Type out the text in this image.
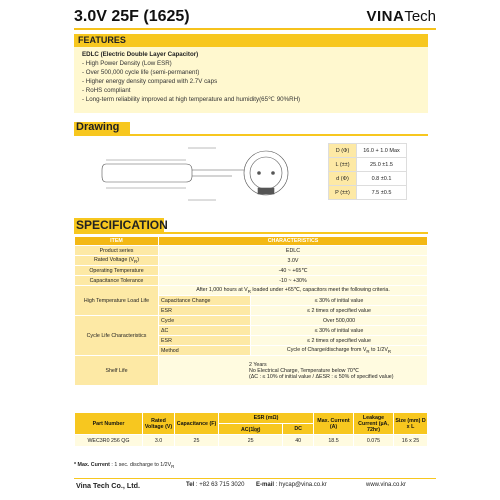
3.0V 25F (1625)	VINATech
FEATURES
EDLC (Electric Double Layer Capacitor)
- High Power Density (Low ESR)
- Over 500,000 cycle life (semi-permanent)
- Higher energy density compared with 2.7V caps
- RoHS compliant
- Long-term reliability improved at high temperature and humidity(65℃ 90%RH)
Drawing
D (Φ)	16.0 + 1.0 Max
L (±±)	25.0 ±1.5
d (Φ)	0.8 ±0.1
P (±±)	7.5 ±0.5
SPECIFICATION
ITEM	CHARACTERISTICS	
Product series	EDLC	
Rated Voltage $(V_R)$	3.0V	
Operating Temperature	-40 ~ +65℃	
Capacitance Tolerance	-10 ~ +30%	
High Temperature Load Life	After 1,000 hours at $V_R$ loaded under +65℃, capacitors meet the following criteria.	
	Capacitance Change	≤ 30% of initial value
	ESR	≤ 2 times of specified value
Cycle Life Characteristics	Cycle	Over 500,000
	ΔC	≤ 30% of initial value
	ESR	≤ 2 times of specified value
	Method	Cycle of Charge/discharge from $V_R$ to $1/2V_R$
Shelf Life	2 Years
No Electrical Charge, Temperature below 70℃
(ΔC : ≤ 10% of initial value / ΔESR : ≤ 50% of specified value)	
Part Number	Rated Voltage (V)	Capacitance (F)	ESR (mΩ)		Max. Current (A)	Leakage Current (µA, 72hr)	Size (mm) D x L
			AC(1㏒)	DC			
WEC3R0 256 QG	3.0	25	25	40	18.5	0.075	16 x 25
* Max. Current : 1 sec. discharge to $1/2V_R$
Vina Tech Co., Ltd.	Tel : +82 63 715 3020 E-mail : hycap@vina.co.kr	www.vina.co.kr
